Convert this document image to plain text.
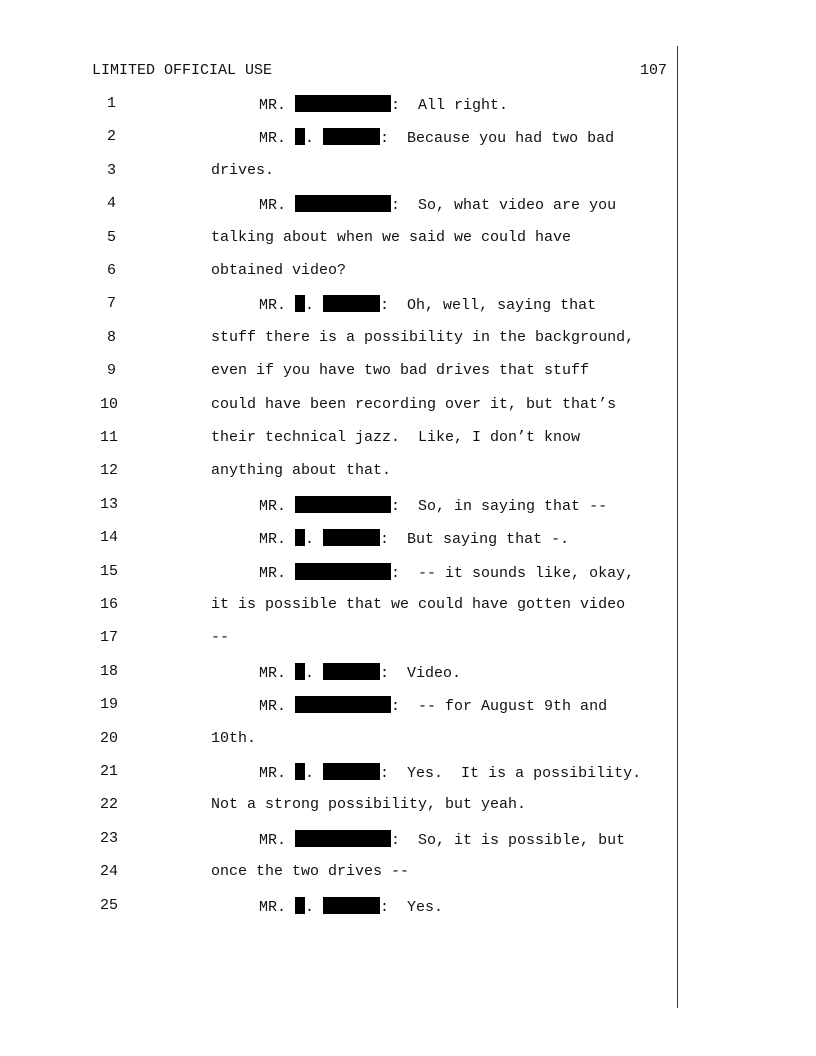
LIMITED OFFICIAL USE	107
1	MR.	:  All right.
2	MR. .	:  Because you had two bad
3	drives.
4	MR.	:  So, what video are you
5	talking about when we said we could have
6	obtained video?
7	MR. .	:  Oh, well, saying that
8	stuff there is a possibility in the background,
9	even if you have two bad drives that stuff
10	could have been recording over it, but that’s
11	their technical jazz.  Like, I don’t know
12	anything about that.
13	MR.	:  So, in saying that --
14	MR. .	:  But saying that -.
15	MR.	:  -- it sounds like, okay,
16	it is possible that we could have gotten video
17	--
18	MR. .	:  Video.
19	MR.	:  -- for August 9th and
20	10th.
21	MR. .	:  Yes.  It is a possibility.
22	Not a strong possibility, but yeah.
23	MR.	:  So, it is possible, but
24	once the two drives --
25	MR. .	:  Yes.
